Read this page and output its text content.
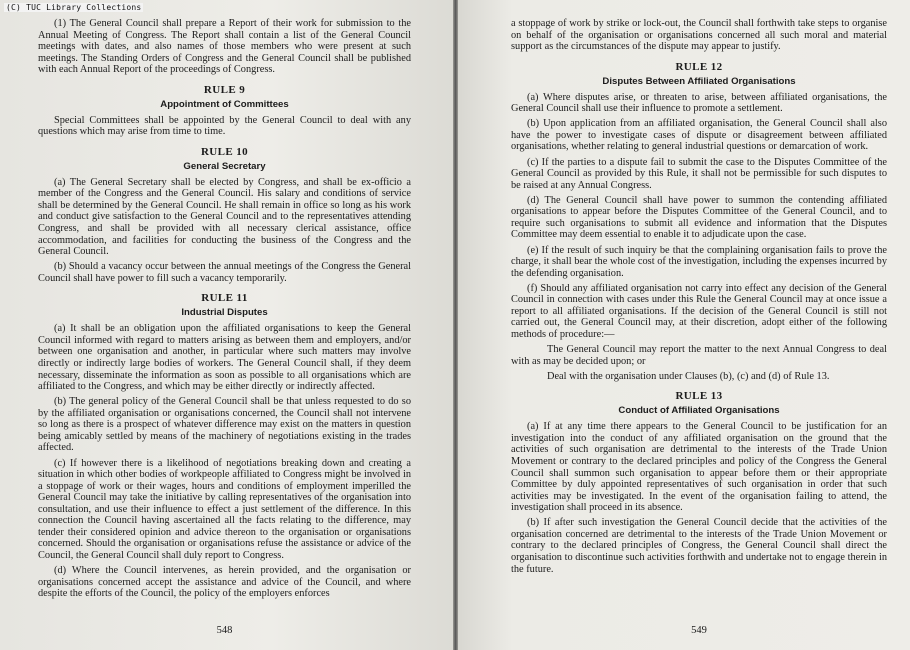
(C) TUC Library Collections

(1) The General Council shall prepare a Report of their work for submission to the Annual Meeting of Congress. The Report shall contain a list of the General Council meetings with dates, and also names of those members who were present at such meetings. The Standing Orders of Congress and the General Council shall be published with each Annual Report of the proceedings of Congress.

RULE 9
Appointment of Committees

Special Committees shall be appointed by the General Council to deal with any questions which may arise from time to time.

RULE 10
General Secretary

(a) The General Secretary shall be elected by Congress, and shall be ex-officio a member of the Congress and the General Council. His salary and conditions of service shall be determined by the General Council. He shall remain in office so long as his work and conduct give satisfaction to the General Council and to the representatives attending Congress, and shall be provided with all necessary clerical assistance, office accommodation, and facilities for conducting the business of the Congress and the General Council.

(b) Should a vacancy occur between the annual meetings of the Congress the General Council shall have power to fill such a vacancy temporarily.

RULE 11
Industrial Disputes

(a) It shall be an obligation upon the affiliated organisations to keep the General Council informed with regard to matters arising as between them and employers, and/or between one organisation and another, in particular where such matters may involve directly or indirectly large bodies of workers. The General Council shall, if they deem necessary, disseminate the information as soon as possible to all organisations which are affiliated to the Congress, and which may be either directly or indirectly affected.

(b) The general policy of the General Council shall be that unless requested to do so by the affiliated organisation or organisations concerned, the Council shall not intervene so long as there is a prospect of whatever difference may exist on the matters in question being amicably settled by means of the machinery of negotiations existing in the trades affected.

(c) If however there is a likelihood of negotiations breaking down and creating a situation in which other bodies of workpeople affiliated to Congress might be involved in a stoppage of work or their wages, hours and conditions of employment imperilled the General Council may take the initiative by calling representatives of the organisation into consultation, and use their influence to effect a just settlement of the difference. In this connection the Council having ascertained all the facts relating to the difference, may tender their considered opinion and advice thereon to the organisation or organisations concerned. Should the organisation or organisations refuse the assistance or advice of the Council, the General Council shall duly report to Congress.

(d) Where the Council intervenes, as herein provided, and the organisation or organisations concerned accept the assistance and advice of the Council, and where despite the efforts of the Council, the policy of the employers enforces

548

a stoppage of work by strike or lock-out, the Council shall forthwith take steps to organise on behalf of the organisation or organisations concerned all such moral and material support as the circumstances of the dispute may appear to justify.

RULE 12
Disputes Between Affiliated Organisations

(a) Where disputes arise, or threaten to arise, between affiliated organisations, the General Council shall use their influence to promote a settlement.

(b) Upon application from an affiliated organisation, the General Council shall also have the power to investigate cases of dispute or disagreement between affiliated organisations, whether relating to general industrial questions or demarcation of work.

(c) If the parties to a dispute fail to submit the case to the Disputes Committee of the General Council as provided by this Rule, it shall not be permissible for such disputes to be raised at any Annual Congress.

(d) The General Council shall have power to summon the contending affiliated organisations to appear before the Disputes Committee of the General Council, and to require such organisations to submit all evidence and information that the Disputes Committee may deem essential to enable it to adjudicate upon the case.

(e) If the result of such inquiry be that the complaining organisation fails to prove the charge, it shall bear the whole cost of the investigation, including the expenses incurred by the defending organisation.

(f) Should any affiliated organisation not carry into effect any decision of the General Council in connection with cases under this Rule the General Council may at once issue a report to all affiliated organisations. If the decision of the General Council is still not carried out, the General Council may, at their discretion, adopt either of the following methods of procedure:—

The General Council may report the matter to the next Annual Congress to deal with as may be decided upon; or

Deal with the organisation under Clauses (b), (c) and (d) of Rule 13.

RULE 13
Conduct of Affiliated Organisations

(a) If at any time there appears to the General Council to be justification for an investigation into the conduct of any affiliated organisation on the ground that the activities of such organisation are detrimental to the interests of the Trade Union Movement or contrary to the declared principles and policy of the Congress the General Council shall summon such organisation to appear before them or their appropriate Committee by duly appointed representatives of such organisation in order that such activities may be investigated. In the event of the organisation failing to attend, the investigation shall proceed in its absence.

(b) If after such investigation the General Council decide that the activities of the organisation concerned are detrimental to the interests of the Trade Union Movement or contrary to the declared principles of Congress, the General Council shall direct the organisation to discontinue such activities forthwith and undertake not to engage therein in the future.

549
